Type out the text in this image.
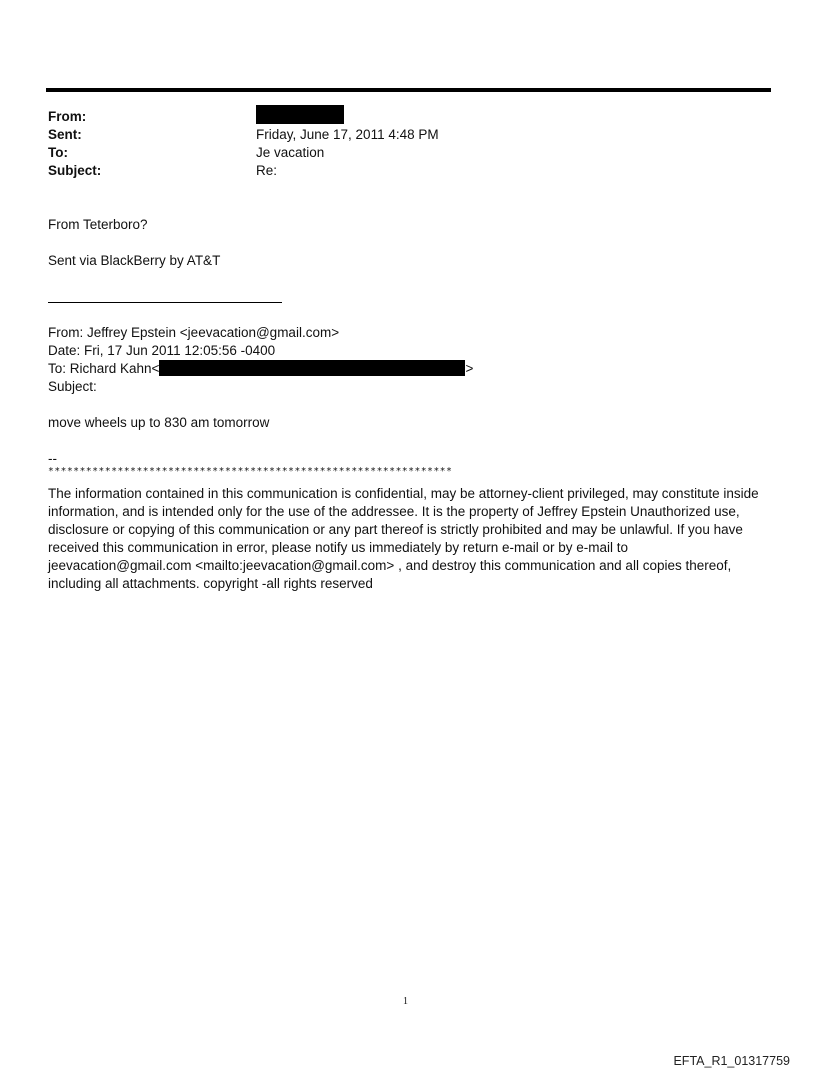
From:
Sent:	Friday, June 17, 2011 4:48 PM
To:	Je vacation
Subject:	Re:
From Teterboro?
Sent via BlackBerry by AT&T
From: Jeffrey Epstein <jeevacation@gmail.com>
Date: Fri, 17 Jun 2011 12:05:56 -0400
To: Richard Kahn<	>
Subject:
move wheels up to 830 am tomorrow
--
****************************************************************
The information contained in this communication is confidential, may be attorney-client privileged, may constitute inside information, and is intended only for the use of the addressee. It is the property of Jeffrey Epstein Unauthorized use, disclosure or copying of this communication or any part thereof is strictly prohibited and may be unlawful. If you have received this communication in error, please notify us immediately by return e-mail or by e-mail to jeevacation@gmail.com <mailto:jeevacation@gmail.com> , and destroy this communication and all copies thereof, including all attachments. copyright -all rights reserved
1
EFTA_R1_01317759
